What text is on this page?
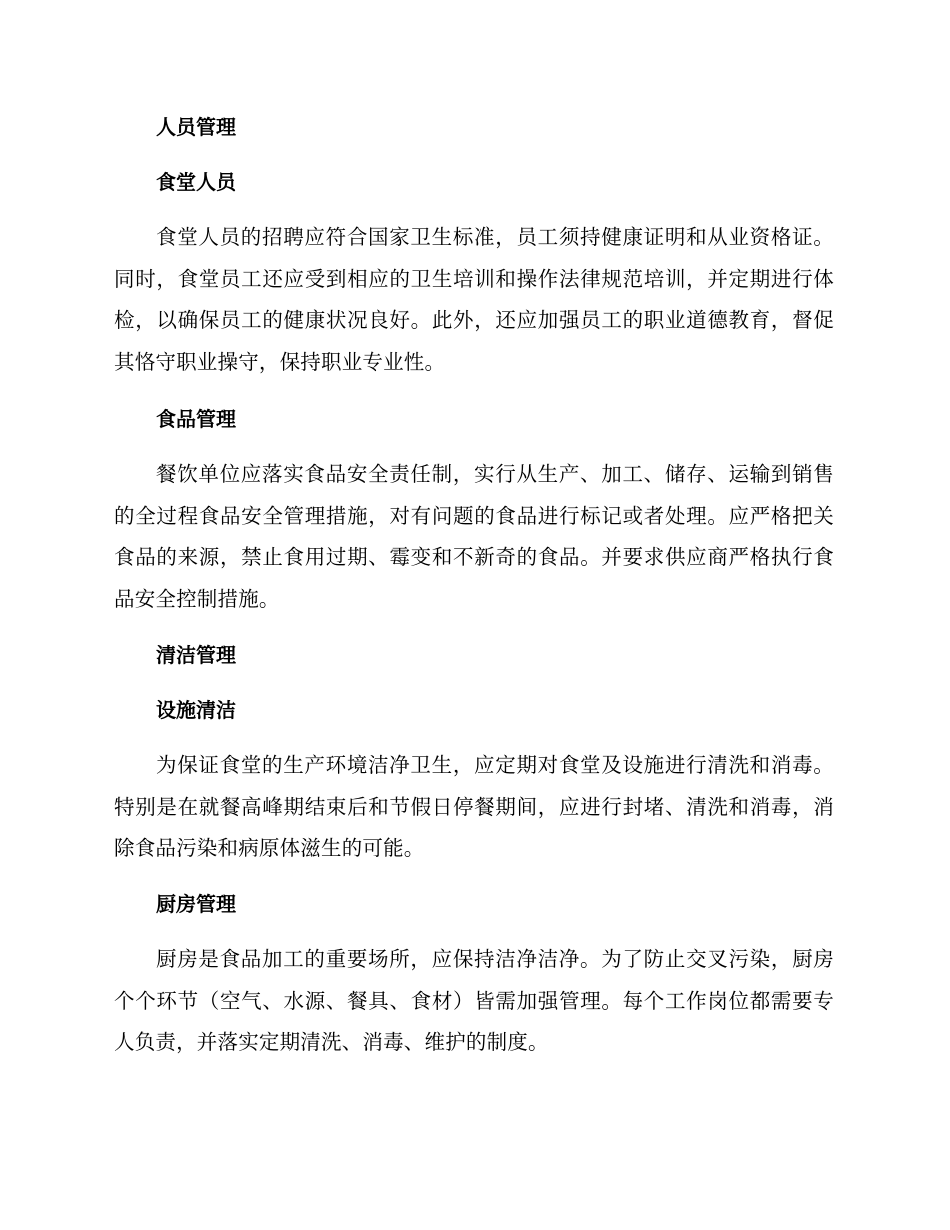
人员管理
食堂人员

食堂人员的招聘应符合国家卫生标准，员工须持健康证明和从业资格证。同时，食堂员工还应受到相应的卫生培训和操作法律规范培训，并定期进行体检，以确保员工的健康状况良好。此外，还应加强员工的职业道德教育，督促其恪守职业操守，保持职业专业性。

食品管理

餐饮单位应落实食品安全责任制，实行从生产、加工、储存、运输到销售的全过程食品安全管理措施，对有问题的食品进行标记或者处理。应严格把关食品的来源，禁止食用过期、霉变和不新奇的食品。并要求供应商严格执行食品安全控制措施。

清洁管理
设施清洁

为保证食堂的生产环境洁净卫生，应定期对食堂及设施进行清洗和消毒。特别是在就餐高峰期结束后和节假日停餐期间，应进行封堵、清洗和消毒，消除食品污染和病原体滋生的可能。

厨房管理

厨房是食品加工的重要场所，应保持洁净洁净。为了防止交叉污染，厨房个个环节（空气、水源、餐具、食材）皆需加强管理。每个工作岗位都需要专人负责，并落实定期清洗、消毒、维护的制度。
